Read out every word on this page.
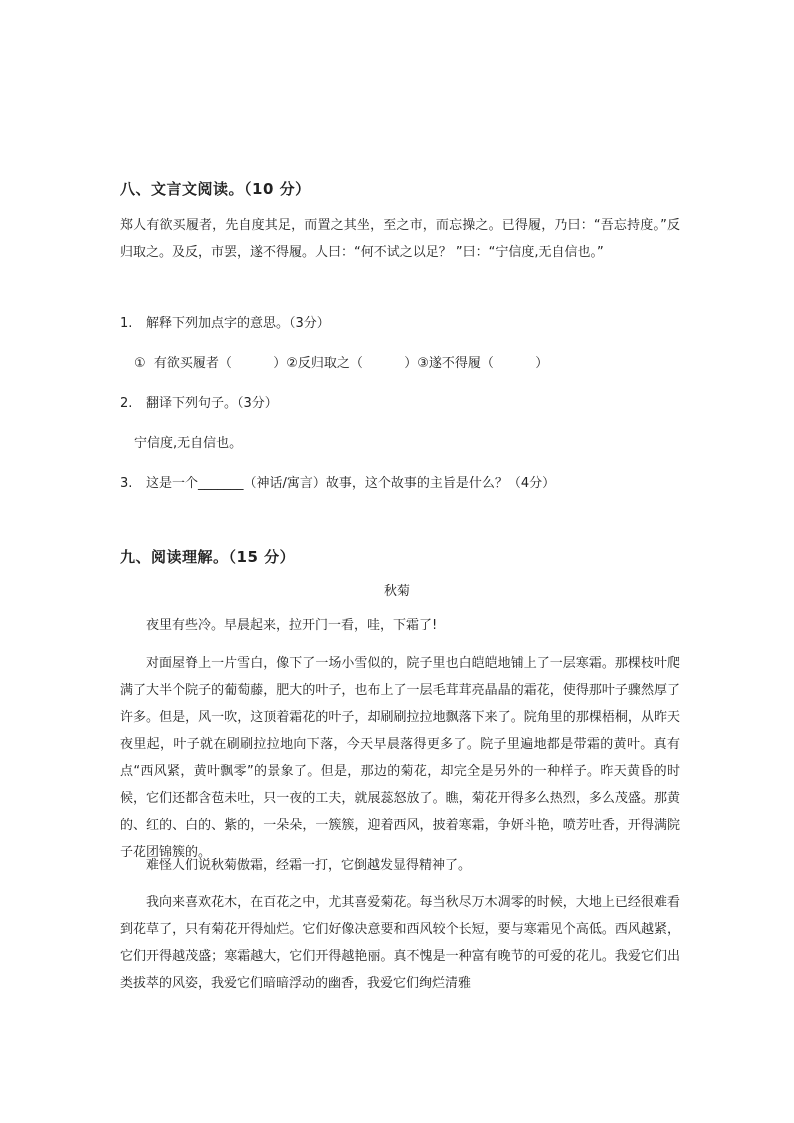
八、文言文阅读。（10 分）
郑人有欲买履者，先自度其足，而置之其坐，至之市，而忘操之。已得履，乃曰：“吾忘持度。”反归取之。及反，市罢，遂不得履。人曰：“何不试之以足？ ”曰：“宁信度,无自信也。”
1. 解释下列加点字的意思。（3分）
①  有欲买履者（          ）②反归取之（          ）③遂不得履（          ）
2. 翻译下列句子。（3分）
宁信度,无自信也。
3. 这是一个_______（神话/寓言）故事，这个故事的主旨是什么？（4分）
九、阅读理解。（15 分）
秋菊
夜里有些冷。早晨起来，拉开门一看，哇，下霜了!
对面屋脊上一片雪白，像下了一场小雪似的，院子里也白皑皑地铺上了一层寒霜。那棵枝叶爬满了大半个院子的葡萄藤，肥大的叶子，也布上了一层毛茸茸亮晶晶的霜花，使得那叶子骤然厚了许多。但是，风一吹，这顶着霜花的叶子，却刷刷拉拉地飘落下来了。院角里的那棵梧桐，从昨天夜里起，叶子就在刷刷拉拉地向下落，今天早晨落得更多了。院子里遍地都是带霜的黄叶。真有点“西风紧，黄叶飘零”的景象了。但是，那边的菊花，却完全是另外的一种样子。昨天黄昏的时候，它们还都含苞未吐，只一夜的工夫，就展蕊怒放了。瞧，菊花开得多么热烈，多么茂盛。那黄的、红的、白的、紫的，一朵朵，一簇簇，迎着西风，披着寒霜，争妍斗艳，喷芳吐香，开得满院子花团锦簇的。
难怪人们说秋菊傲霜，经霜一打，它倒越发显得精神了。
我向来喜欢花木，在百花之中，尤其喜爱菊花。每当秋尽万木凋零的时候，大地上已经很难看到花草了，只有菊花开得灿烂。它们好像决意要和西风较个长短，要与寒霜见个高低。西风越紧，它们开得越茂盛；寒霜越大，它们开得越艳丽。真不愧是一种富有晚节的可爱的花儿。我爱它们出类拔萃的风姿，我爱它们暗暗浮动的幽香，我爱它们绚烂清雅
